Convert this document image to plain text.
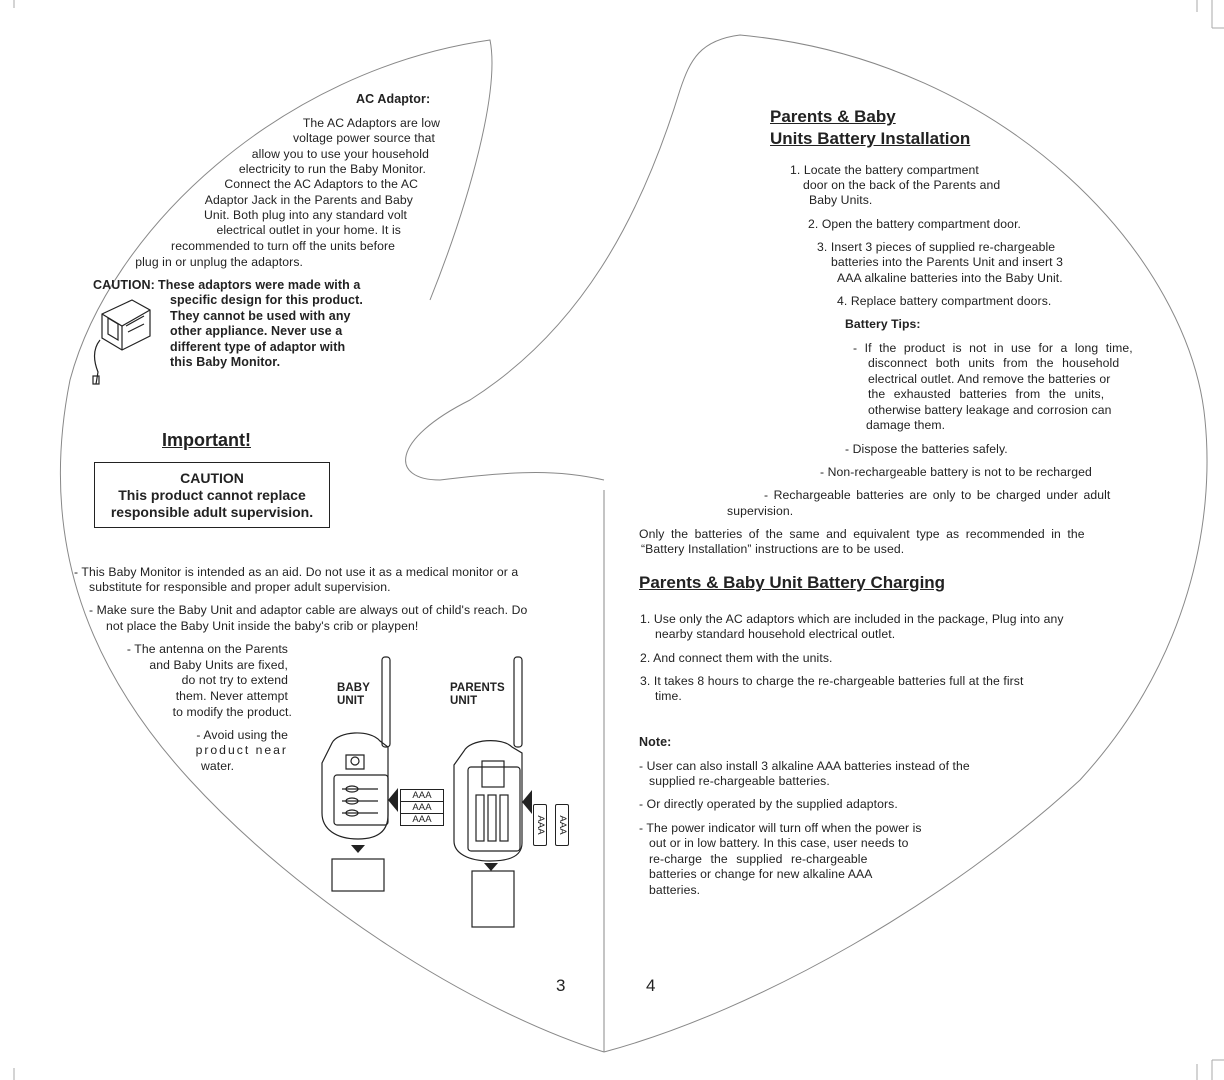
AC Adaptor:
The AC Adaptors are low
voltage power source that
allow you to use your household
electricity to run the Baby Monitor.
Connect the AC Adaptors to the AC
Adaptor Jack in the Parents and Baby
Unit. Both plug into any standard volt
electrical outlet in your home. It is
recommended to turn off the units before
plug in or unplug the adaptors.
CAUTION: These adaptors were made with a
specific design for this product.
They cannot be used with any
other appliance. Never use a
different type of adaptor with
this Baby Monitor.
Important!
CAUTION
This product cannot replace
responsible adult supervision.
- This Baby Monitor is intended as an aid. Do not use it as a medical monitor or a
substitute for responsible and proper adult supervision.
- Make sure the Baby Unit and adaptor cable are always out of child's reach. Do
not place the Baby Unit inside the baby's crib or playpen!
- The antenna on the Parents
and Baby Units are fixed,
do not try to extend
them. Never attempt
to modify the product.
- Avoid using the
product near
water.
BABY
UNIT
PARENTS
UNIT
AAA
AAA
AAA	AAA AAA
3
Parents & Baby
Units Battery Installation
1. Locate the battery compartment
door on the back of the Parents and
Baby Units.
2. Open the battery compartment door.
3. Insert 3 pieces of supplied re-chargeable
batteries into the Parents Unit and insert 3
AAA alkaline batteries into the Baby Unit.
4. Replace battery compartment doors.
Battery Tips:
- If the product is not in use for a long time,
disconnect both units from the household
electrical outlet. And remove the batteries or
the exhausted batteries from the units,
otherwise battery leakage and corrosion can
damage them.
- Dispose the batteries safely.
- Non-rechargeable battery is not to be recharged
- Rechargeable batteries are only to be charged under adult
supervision.
Only the batteries of the same and equivalent type as recommended in the
“Battery Installation” instructions are to be used.
Parents & Baby Unit Battery Charging
1. Use only the AC adaptors which are included in the package, Plug into any
nearby standard household electrical outlet.
2. And connect them with the units.
3. It takes 8 hours to charge the re-chargeable batteries full at the first
time.
Note:
- User can also install 3 alkaline AAA batteries instead of the
supplied re-chargeable batteries.
- Or directly operated by the supplied adaptors.
- The power indicator will turn off when the power is
out or in low battery. In this case, user needs to
re-charge the supplied re-chargeable
batteries or change for new alkaline AAA
batteries.
4
